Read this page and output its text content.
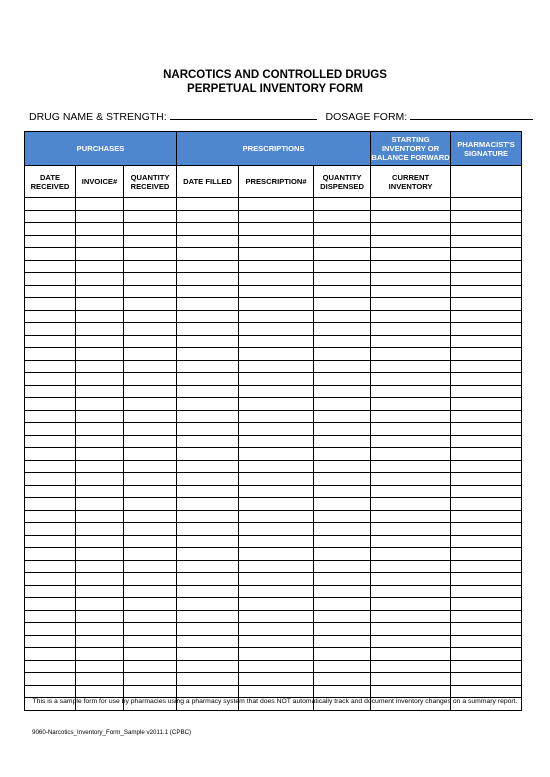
NARCOTICS AND CONTROLLED DRUGS
PERPETUAL INVENTORY FORM
DRUG NAME & STRENGTH:	DOSAGE FORM:
PURCHASES			PRESCRIPTIONS			STARTING INVENTORY OR BALANCE FORWARD	PHARMACIST'S SIGNATURE
DATE RECEIVED	INVOICE#	QUANTITY RECEIVED	DATE FILLED	PRESCRIPTION#	QUANTITY DISPENSED	CURRENT INVENTORY	

This is a sample form for use by pharmacies using a pharmacy system that does NOT automatically track and document inventory changes on a summary report.
9060-Narcotics_Inventory_Form_Sample v2011.1 (CPBC)
